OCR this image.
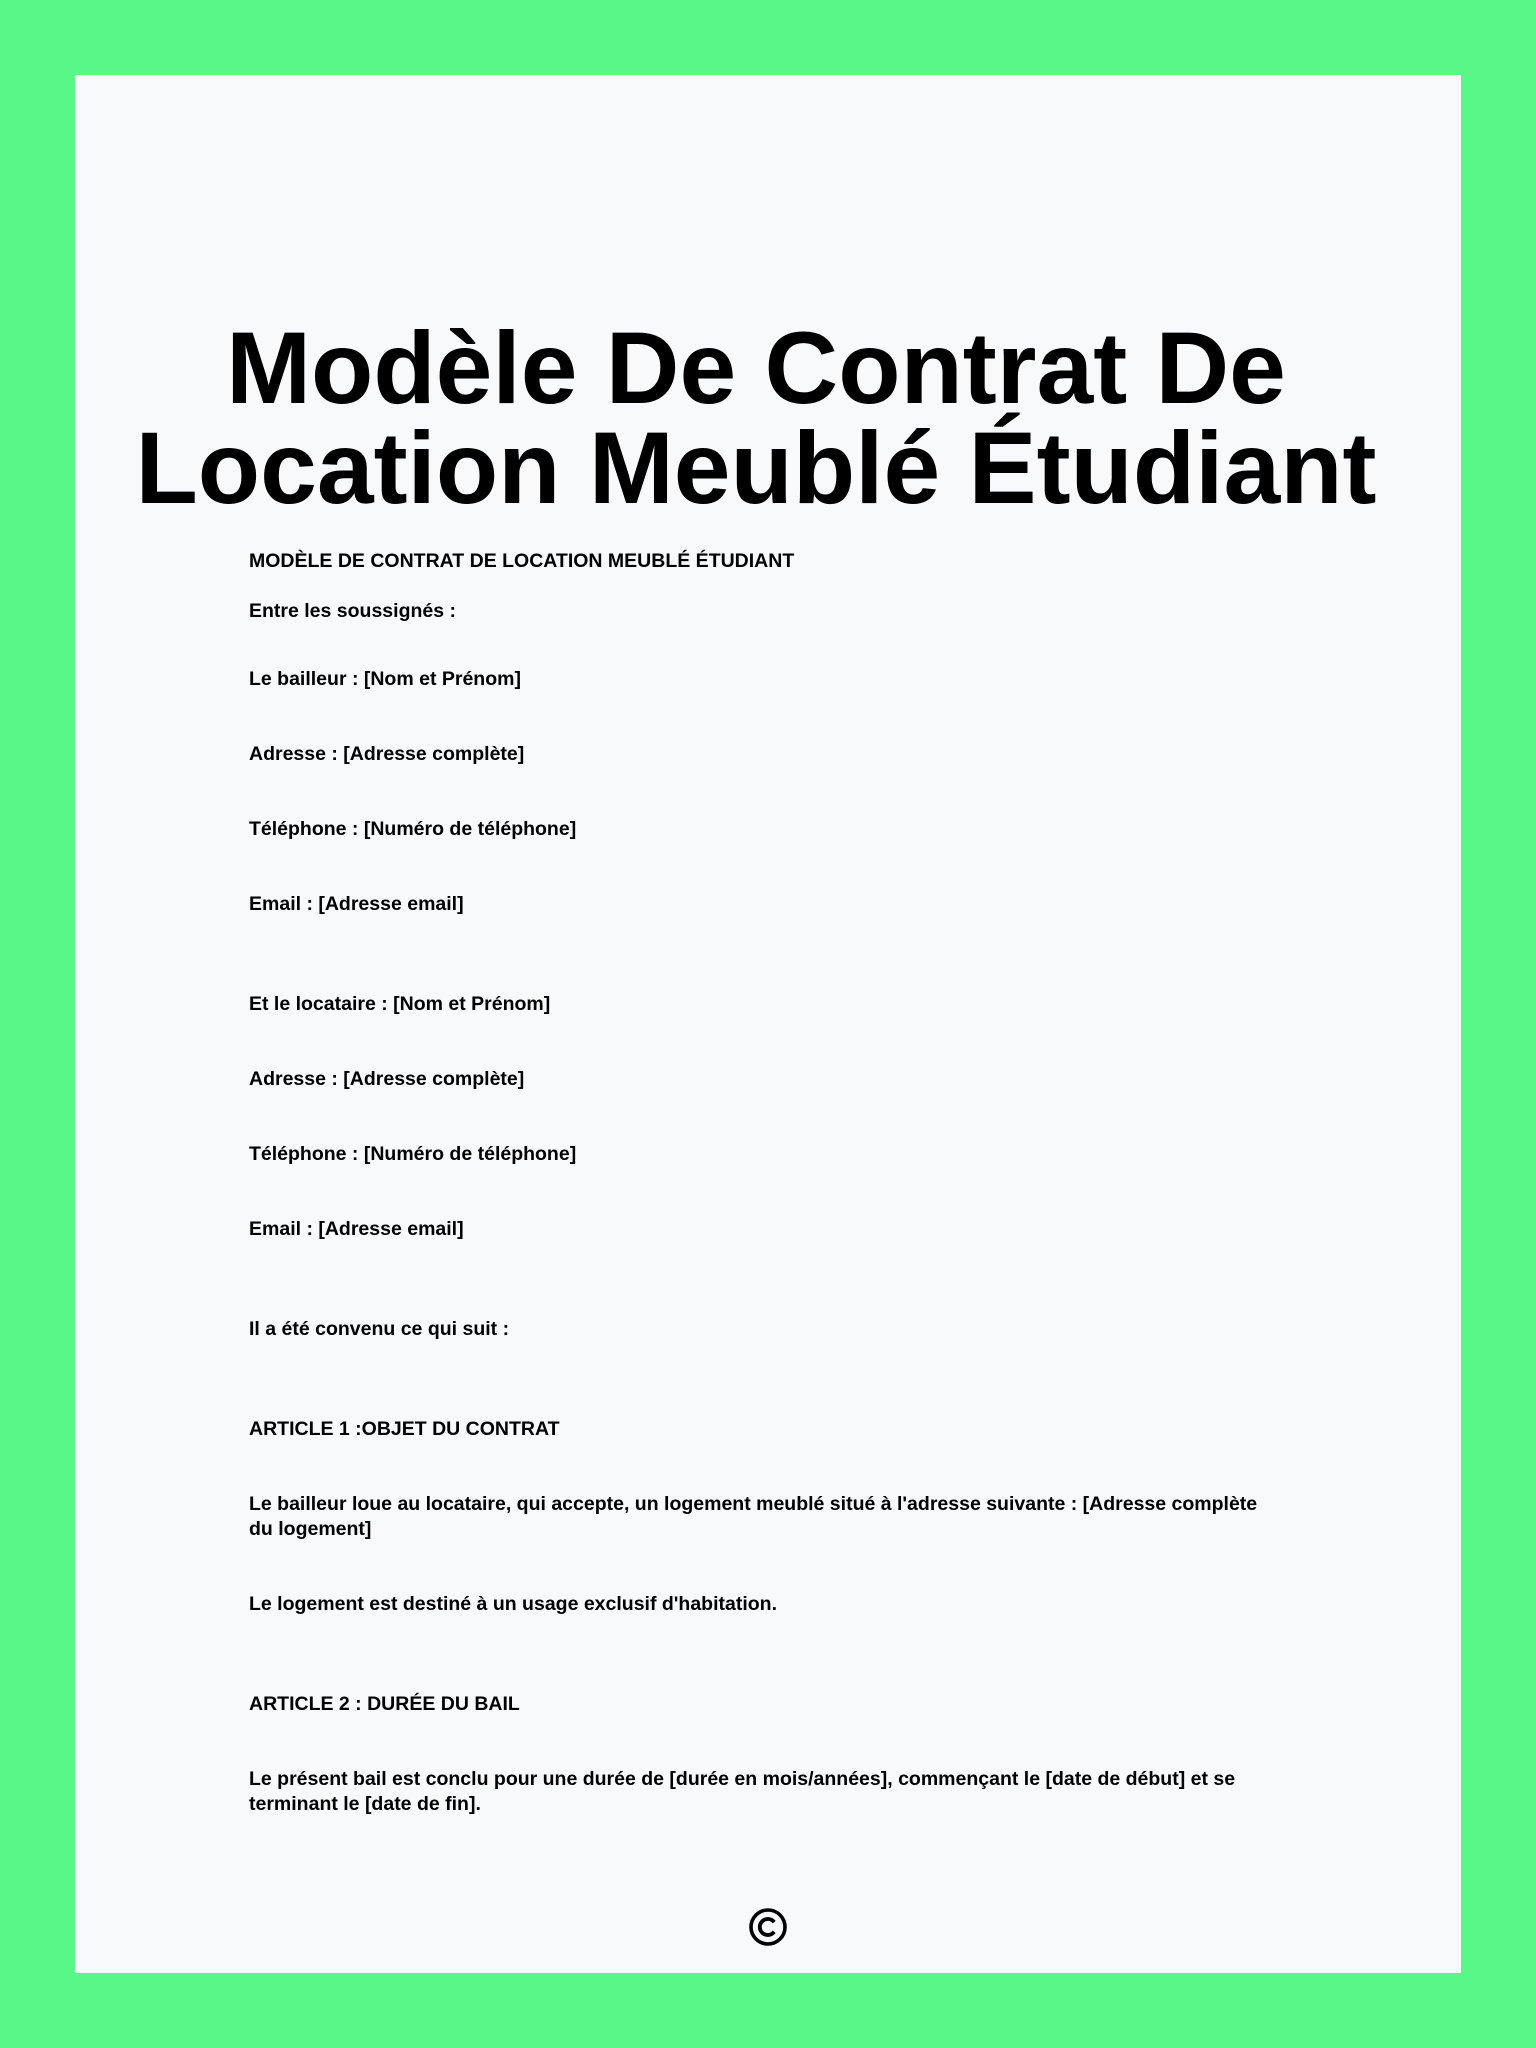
Modèle De Contrat De
Location Meublé Étudiant

MODÈLE DE CONTRAT DE LOCATION MEUBLÉ ÉTUDIANT

Entre les soussignés :

Le bailleur : [Nom et Prénom]

Adresse : [Adresse complète]

Téléphone : [Numéro de téléphone]

Email : [Adresse email]

Et le locataire : [Nom et Prénom]

Adresse : [Adresse complète]

Téléphone : [Numéro de téléphone]

Email : [Adresse email]

Il a été convenu ce qui suit :

ARTICLE 1 :OBJET DU CONTRAT

Le bailleur loue au locataire, qui accepte, un logement meublé situé à l'adresse suivante : [Adresse complète du logement]

Le logement est destiné à un usage exclusif d'habitation.

ARTICLE 2 : DURÉE DU BAIL

Le présent bail est conclu pour une durée de [durée en mois/années], commençant le [date de début] et se terminant le [date de fin].
